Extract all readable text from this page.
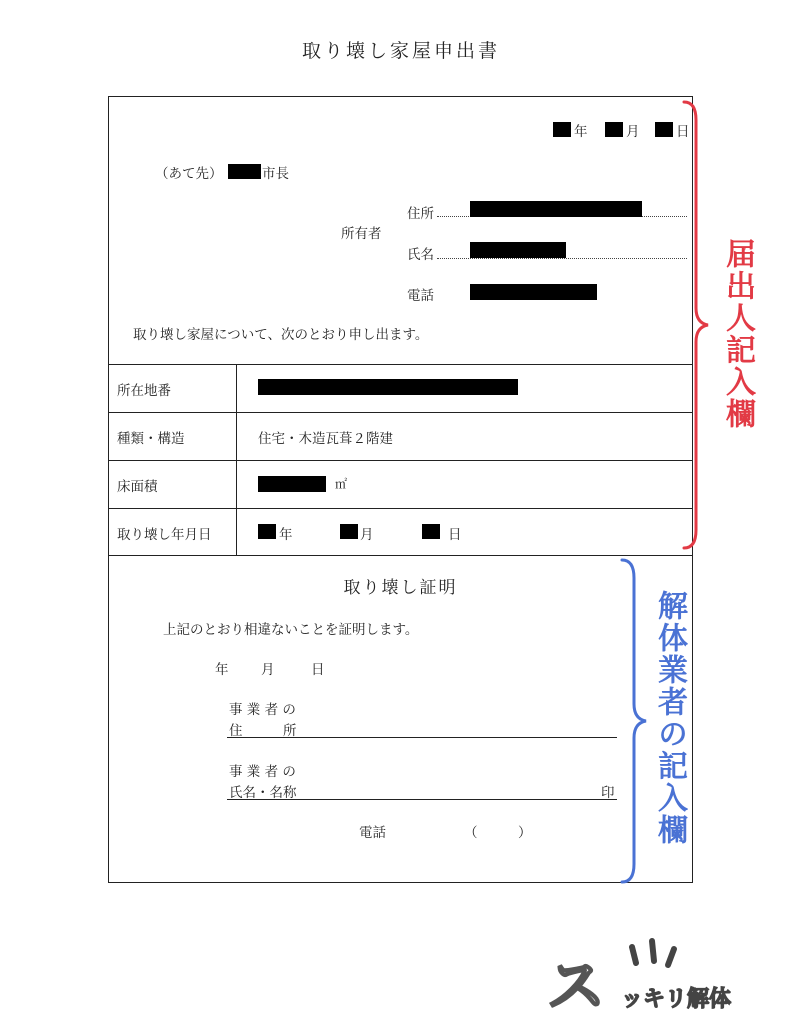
取り壊し家屋申出書
年	月	日
（あて先）	市長
所有者
住所
氏名
電話
取り壊し家屋について、次のとおり申し出ます。
所在地番
種類・構造	住宅・木造瓦葺２階建
床面積	㎡
取り壊し年月日	年	月	日
取り壊し証明
上記のとおり相違ないことを証明します。
年 月	日
事 業 者 の
住　　　所
事 業 者 の
氏名・名称	印
電話	（　　　）
届出人記入欄
解体業者の記入欄
ス ッキリ解体
